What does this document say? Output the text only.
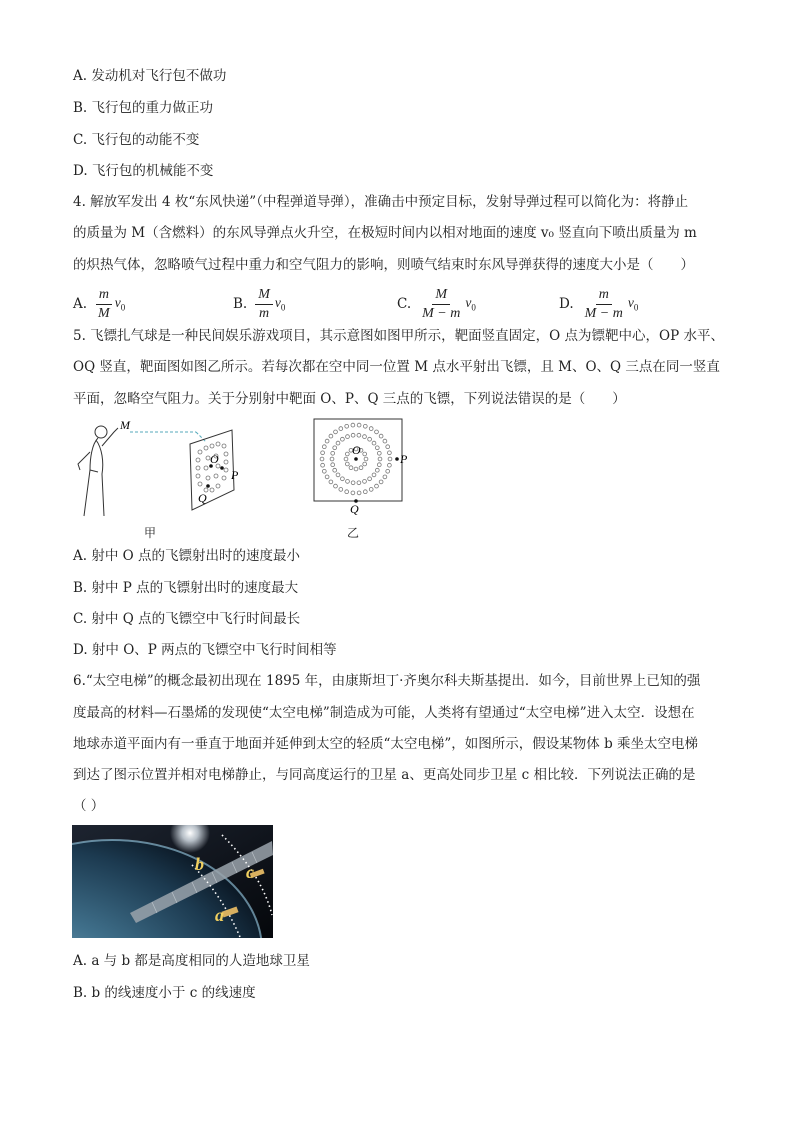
A. 发动机对飞行包不做功
B. 飞行包的重力做正功
C. 飞行包的动能不变
D. 飞行包的机械能不变
4. 解放军发出 4 枚“东风快递”（中程弹道导弹），准确击中预定目标，发射导弹过程可以简化为：将静止
的质量为 M（含燃料）的东风导弹点火升空，在极短时间内以相对地面的速度 v₀ 竖直向下喷出质量为 m
的炽热气体，忽略喷气过程中重力和空气阻力的影响，则喷气结束时东风导弹获得的速度大小是（　　）
A. $\frac{m}{M} v_0$	B. $\frac{M}{m} v_0$	C. $\frac{M}{M - m} v_0$	D. $\frac{m}{M - m} v_0$
5. 飞镖扎气球是一种民间娱乐游戏项目，其示意图如图甲所示，靶面竖直固定，O 点为镖靶中心，OP 水平、
OQ 竖直，靶面图如图乙所示。若每次都在空中同一位置 M 点水平射出飞镖，且 M、O、Q 三点在同一竖直
平面，忽略空气阻力。关于分别射中靶面 O、P、Q 三点的飞镖，下列说法错误的是（　　）
M
O
P
Q
甲
O
P
Q
乙
A. 射中 O 点的飞镖射出时的速度最小
B. 射中 P 点的飞镖射出时的速度最大
C. 射中 Q 点的飞镖空中飞行时间最长
D. 射中 O、P 两点的飞镖空中飞行时间相等
6.“太空电梯”的概念最初出现在 1895 年，由康斯坦丁·齐奥尔科夫斯基提出．如今，目前世界上已知的强
度最高的材料—石墨烯的发现使“太空电梯”制造成为可能，人类将有望通过“太空电梯”进入太空．设想在
地球赤道平面内有一垂直于地面并延伸到太空的轻质“太空电梯”，如图所示，假设某物体 b 乘坐太空电梯
到达了图示位置并相对电梯静止，与同高度运行的卫星 a、更高处同步卫星 c 相比较．下列说法正确的是
（ ）
a
b c
A. a 与 b 都是高度相同的人造地球卫星
B. b 的线速度小于 c 的线速度
